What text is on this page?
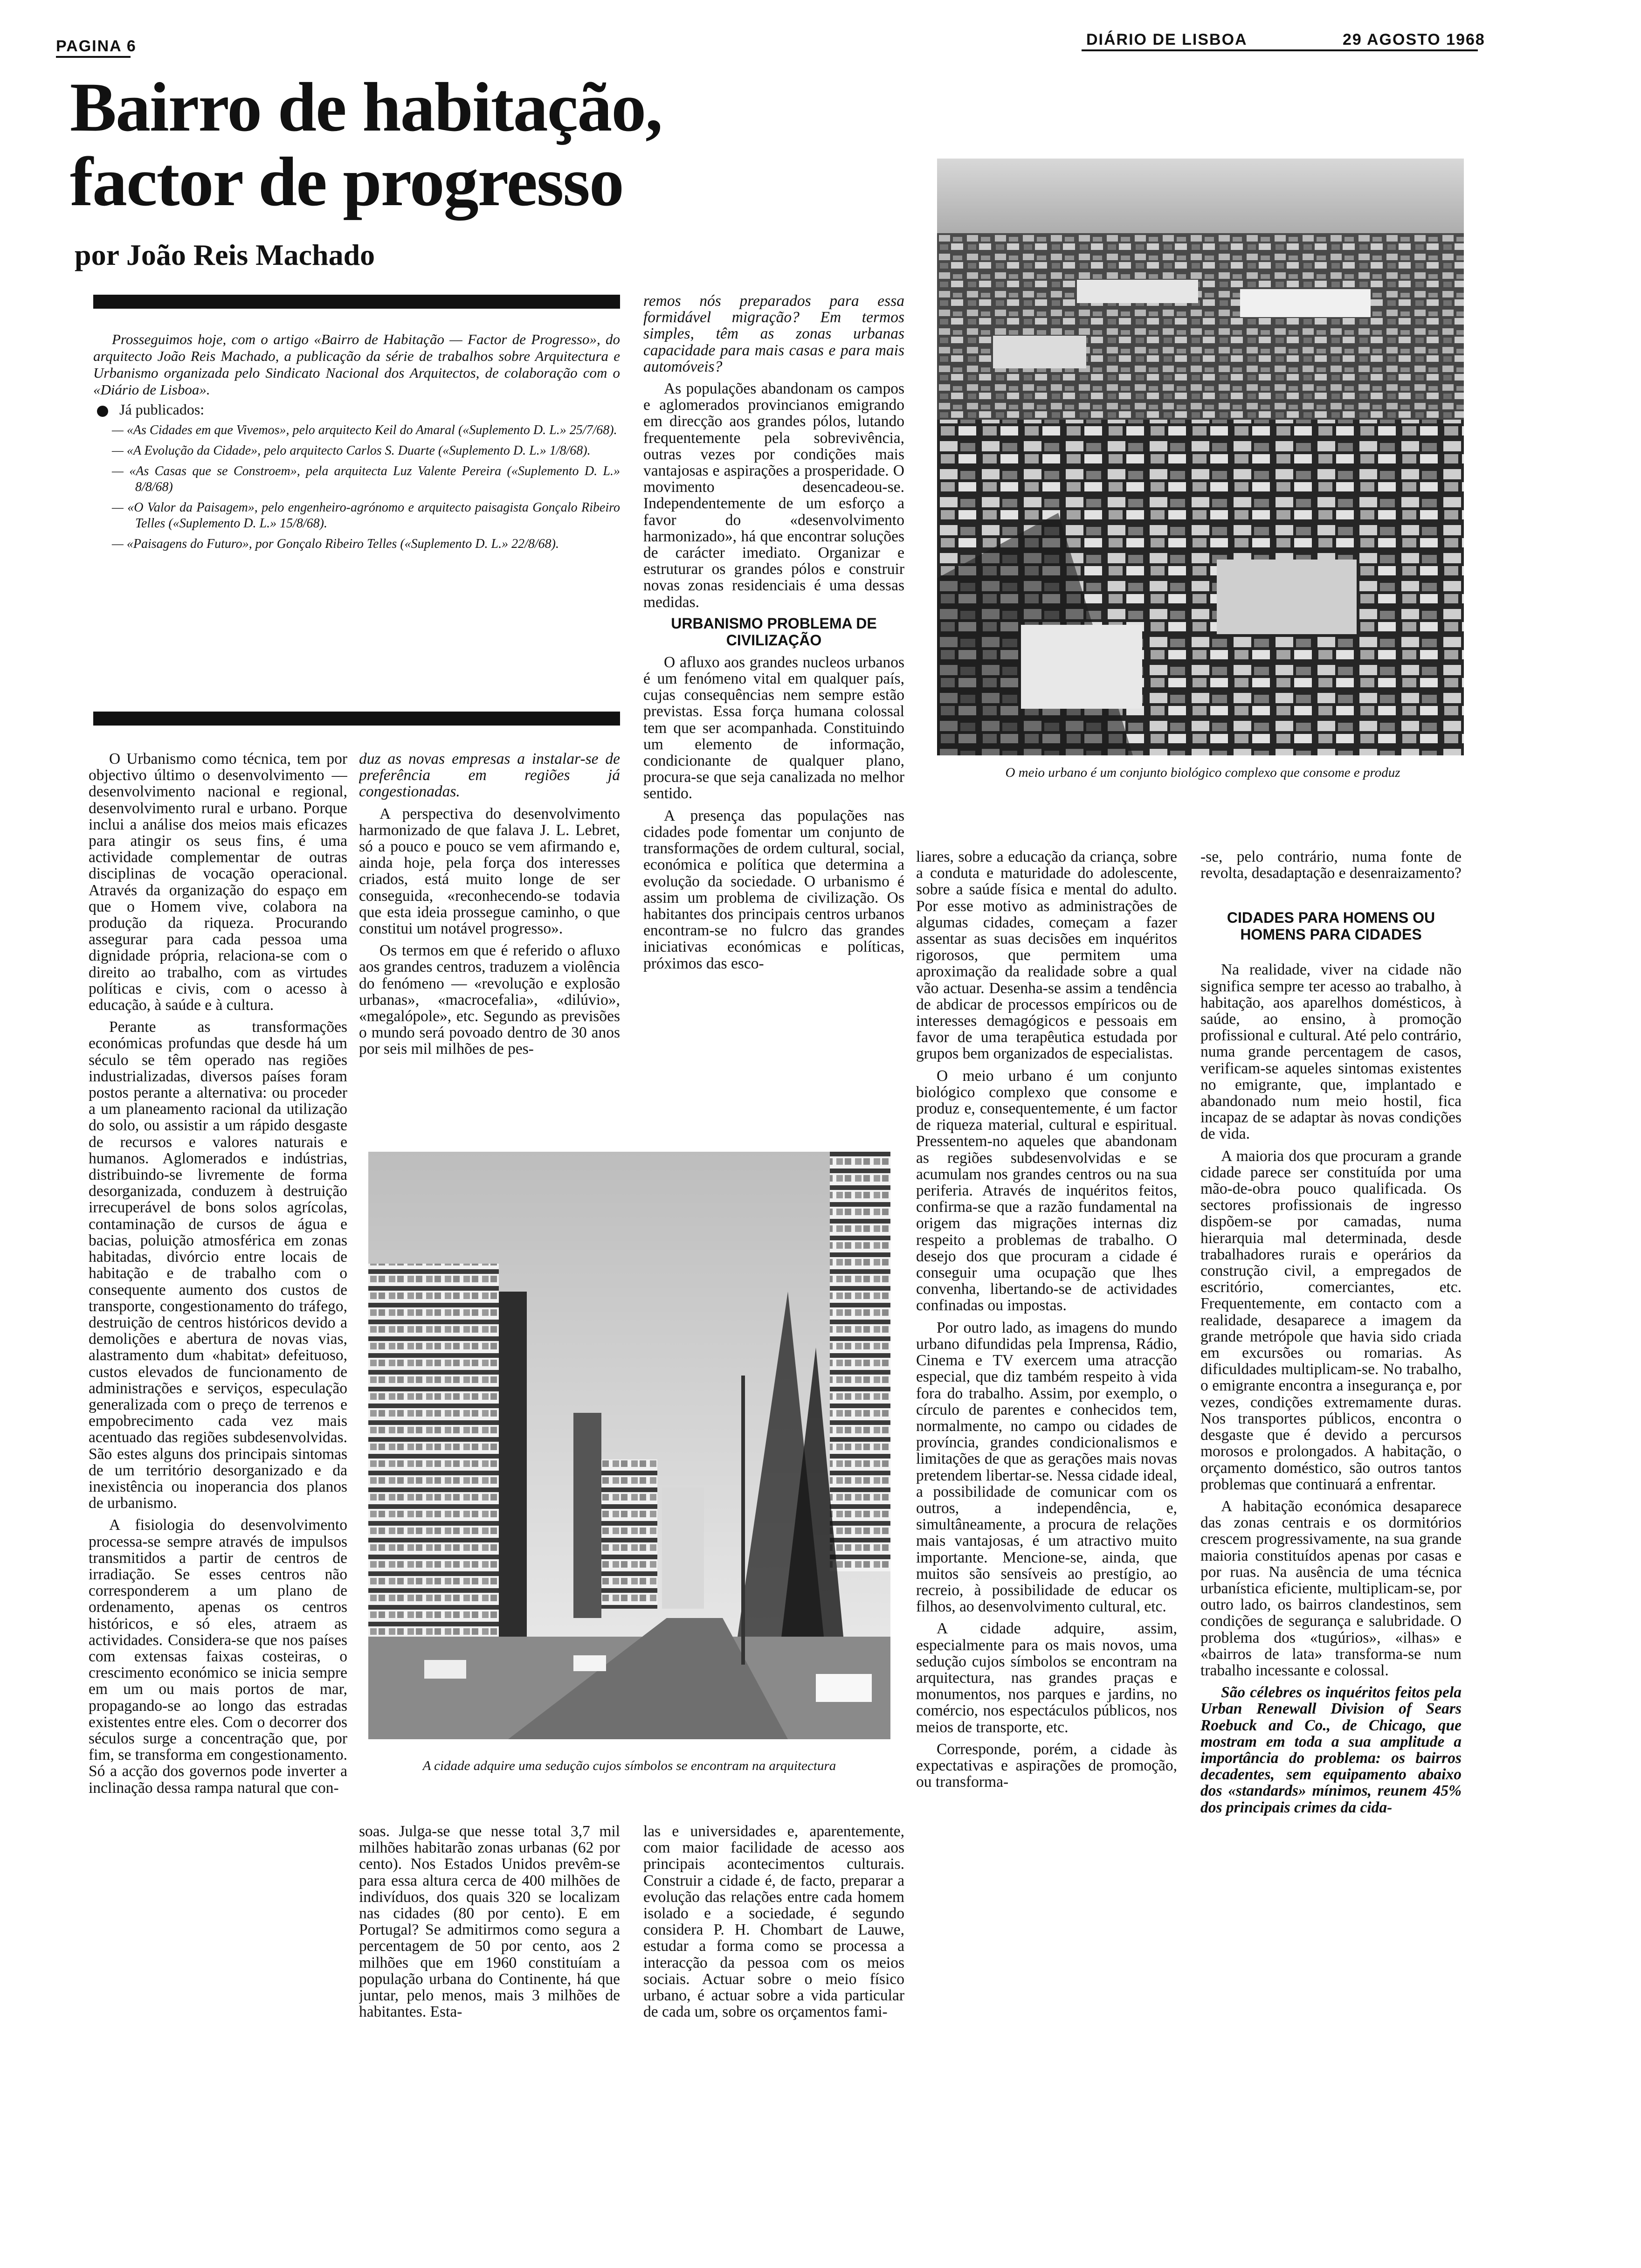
PAGINA 6	DIÁRIO DE LISBOA	29 AGOSTO 1968
Bairro de habitação,
factor de progresso
por João Reis Machado

Prosseguimos hoje, com o artigo «Bairro de Habitação — Factor de Progresso», do arquitecto João Reis Machado, a publicação da série de trabalhos sobre Arquitectura e Urbanismo organizada pelo Sindicato Nacional dos Arquitectos, de colaboração com o «Diário de Lisboa».

Já publicados:
— «As Cidades em que Vivemos», pelo arquitecto Keil do Amaral («Suplemento D. L.» 25/7/68).
— «A Evolução da Cidade», pelo arquitecto Carlos S. Duarte («Suplemento D. L.» 1/8/68).
— «As Casas que se Constroem», pela arquitecta Luz Valente Pereira («Suplemento D. L.» 8/8/68)
— «O Valor da Paisagem», pelo engenheiro-agrónomo e arquitecto paisagista Gonçalo Ribeiro Telles («Suplemento D. L.» 15/8/68).
— «Paisagens do Futuro», por Gonçalo Ribeiro Telles («Suplemento D. L.» 22/8/68).

remos nós preparados para essa formidável migração? Em termos simples, têm as zonas urbanas capacidade para mais casas e para mais automóveis?

As populações abandonam os campos e aglomerados provincianos emigrando em direcção aos grandes pólos, lutando frequentemente pela sobrevivência, outras vezes por condições mais vantajosas e aspirações a prosperidade. O movimento desencadeou-se. Independentemente de um esforço a favor do «desenvolvimento harmonizado», há que encontrar soluções de carácter imediato. Organizar e estruturar os grandes pólos e construir novas zonas residenciais é uma dessas medidas.

URBANISMO PROBLEMA DE CIVILIZAÇÃO

O afluxo aos grandes nucleos urbanos é um fenómeno vital em qualquer país, cujas consequências nem sempre estão previstas. Essa força humana colossal tem que ser acompanhada. Constituindo um elemento de informação, condicionante de qualquer plano, procura-se que seja canalizada no melhor sentido.

A presença das populações nas cidades pode fomentar um conjunto de transformações de ordem cultural, social, económica e política que determina a evolução da sociedade. O urbanismo é assim um problema de civilização. Os habitantes dos principais centros urbanos encontram-se no fulcro das grandes iniciativas económicas e políticas, próximos das esco-

O meio urbano é um conjunto biológico complexo que consome e produz

O Urbanismo como técnica, tem por objectivo último o desenvolvimento — desenvolvimento nacional e regional, desenvolvimento rural e urbano. Porque inclui a análise dos meios mais eficazes para atingir os seus fins, é uma actividade complementar de outras disciplinas de vocação operacional. Através da organização do espaço em que o Homem vive, colabora na produção da riqueza. Procurando assegurar para cada pessoa uma dignidade própria, relaciona-se com o direito ao trabalho, com as virtudes políticas e civis, com o acesso à educação, à saúde e à cultura.

Perante as transformações económicas profundas que desde há um século se têm operado nas regiões industrializadas, diversos países foram postos perante a alternativa: ou proceder a um planeamento racional da utilização do solo, ou assistir a um rápido desgaste de recursos e valores naturais e humanos. Aglomerados e indústrias, distribuindo-se livremente de forma desorganizada, conduzem à destruição irrecuperável de bons solos agrícolas, contaminação de cursos de água e bacias, poluição atmosférica em zonas habitadas, divórcio entre locais de habitação e de trabalho com o consequente aumento dos custos de transporte, congestionamento do tráfego, destruição de centros históricos devido a demolições e abertura de novas vias, alastramento dum «habitat» defeituoso, custos elevados de funcionamento de administrações e serviços, especulação generalizada com o preço de terrenos e empobrecimento cada vez mais acentuado das regiões subdesenvolvidas. São estes alguns dos principais sintomas de um território desorganizado e da inexistência ou inoperancia dos planos de urbanismo.

A fisiologia do desenvolvimento processa-se sempre através de impulsos transmitidos a partir de centros de irradiação. Se esses centros não corresponderem a um plano de ordenamento, apenas os centros históricos, e só eles, atraem as actividades. Considera-se que nos países com extensas faixas costeiras, o crescimento económico se inicia sempre em um ou mais portos de mar, propagando-se ao longo das estradas existentes entre eles. Com o decorrer dos séculos surge a concentração que, por fim, se transforma em congestionamento. Só a acção dos governos pode inverter a inclinação dessa rampa natural que con-

duz as novas empresas a instalar-se de preferência em regiões já congestionadas.

A perspectiva do desenvolvimento harmonizado de que falava J. L. Lebret, só a pouco e pouco se vem afirmando e, ainda hoje, pela força dos interesses criados, está muito longe de ser conseguida, «reconhecendo-se todavia que esta ideia prossegue caminho, o que constitui um notável progresso».

Os termos em que é referido o afluxo aos grandes centros, traduzem a violência do fenómeno — «revolução e explosão urbanas», «macrocefalia», «dilúvio», «megalópole», etc. Segundo as previsões o mundo será povoado dentro de 30 anos por seis mil milhões de pes-

A cidade adquire uma sedução cujos símbolos se encontram na arquitectura

soas. Julga-se que nesse total 3,7 mil milhões habitarão zonas urbanas (62 por cento). Nos Estados Unidos prevêm-se para essa altura cerca de 400 milhões de indivíduos, dos quais 320 se localizam nas cidades (80 por cento). E em Portugal? Se admitirmos como segura a percentagem de 50 por cento, aos 2 milhões que em 1960 constituíam a população urbana do Continente, há que juntar, pelo menos, mais 3 milhões de habitantes. Esta-

las e universidades e, aparentemente, com maior facilidade de acesso aos principais acontecimentos culturais. Construir a cidade é, de facto, preparar a evolução das relações entre cada homem isolado e a sociedade, é segundo considera P. H. Chombart de Lauwe, estudar a forma como se processa a interacção da pessoa com os meios sociais. Actuar sobre o meio físico urbano, é actuar sobre a vida particular de cada um, sobre os orçamentos fami-

liares, sobre a educação da criança, sobre a conduta e maturidade do adolescente, sobre a saúde física e mental do adulto. Por esse motivo as administrações de algumas cidades, começam a fazer assentar as suas decisões em inquéritos rigorosos, que permitem uma aproximação da realidade sobre a qual vão actuar. Desenha-se assim a tendência de abdicar de processos empíricos ou de interesses demagógicos e pessoais em favor de uma terapêutica estudada por grupos bem organizados de especialistas.

O meio urbano é um conjunto biológico complexo que consome e produz e, consequentemente, é um factor de riqueza material, cultural e espiritual. Pressentem-no aqueles que abandonam as regiões subdesenvolvidas e se acumulam nos grandes centros ou na sua periferia. Através de inquéritos feitos, confirma-se que a razão fundamental na origem das migrações internas diz respeito a problemas de trabalho. O desejo dos que procuram a cidade é conseguir uma ocupação que lhes convenha, libertando-se de actividades confinadas ou impostas.

Por outro lado, as imagens do mundo urbano difundidas pela Imprensa, Rádio, Cinema e TV exercem uma atracção especial, que diz também respeito à vida fora do trabalho. Assim, por exemplo, o círculo de parentes e conhecidos tem, normalmente, no campo ou cidades de província, grandes condicionalismos e limitações de que as gerações mais novas pretendem libertar-se. Nessa cidade ideal, a possibilidade de comunicar com os outros, a independência, e, simultâneamente, a procura de relações mais vantajosas, é um atractivo muito importante. Mencione-se, ainda, que muitos são sensíveis ao prestígio, ao recreio, à possibilidade de educar os filhos, ao desenvolvimento cultural, etc.

A cidade adquire, assim, especialmente para os mais novos, uma sedução cujos símbolos se encontram na arquitectura, nas grandes praças e monumentos, nos parques e jardins, no comércio, nos espectáculos públicos, nos meios de transporte, etc.

Corresponde, porém, a cidade às expectativas e aspirações de promoção, ou transforma-

-se, pelo contrário, numa fonte de revolta, desadaptação e desenraizamento?

CIDADES PARA HOMENS OU HOMENS PARA CIDADES

Na realidade, viver na cidade não significa sempre ter acesso ao trabalho, à habitação, aos aparelhos domésticos, à saúde, ao ensino, à promoção profissional e cultural. Até pelo contrário, numa grande percentagem de casos, verificam-se aqueles sintomas existentes no emigrante, que, implantado e abandonado num meio hostil, fica incapaz de se adaptar às novas condições de vida.

A maioria dos que procuram a grande cidade parece ser constituída por uma mão-de-obra pouco qualificada. Os sectores profissionais de ingresso dispõem-se por camadas, numa hierarquia mal determinada, desde trabalhadores rurais e operários da construção civil, a empregados de escritório, comerciantes, etc. Frequentemente, em contacto com a realidade, desaparece a imagem da grande metrópole que havia sido criada em excursões ou romarias. As dificuldades multiplicam-se. No trabalho, o emigrante encontra a insegurança e, por vezes, condições extremamente duras. Nos transportes públicos, encontra o desgaste que é devido a percursos morosos e prolongados. A habitação, o orçamento doméstico, são outros tantos problemas que continuará a enfrentar.

A habitação económica desaparece das zonas centrais e os dormitórios crescem progressivamente, na sua grande maioria constituídos apenas por casas e por ruas. Na ausência de uma técnica urbanística eficiente, multiplicam-se, por outro lado, os bairros clandestinos, sem condições de segurança e salubridade. O problema dos «tugúrios», «ilhas» e «bairros de lata» transforma-se num trabalho incessante e colossal.

São célebres os inquéritos feitos pela Urban Renewall Division of Sears Roebuck and Co., de Chicago, que mostram em toda a sua amplitude a importância do problema: os bairros decadentes, sem equipamento abaixo dos «standards» mínimos, reunem 45% dos principais crimes da cida-
